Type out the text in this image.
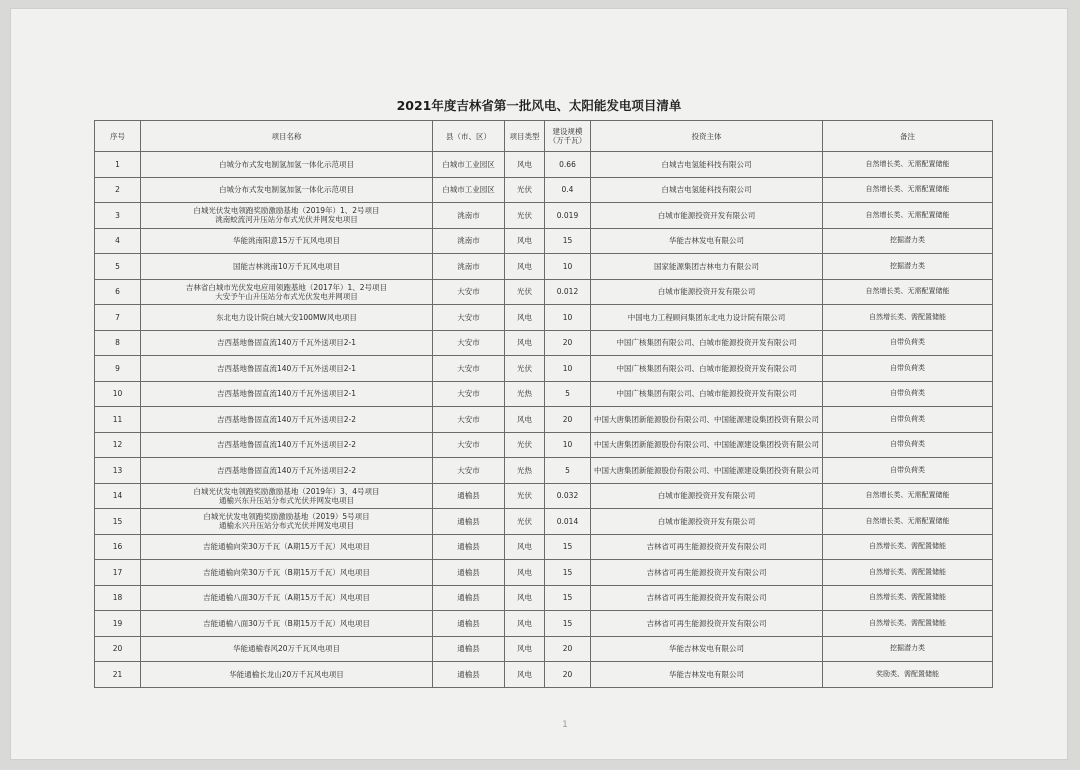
2021年度吉林省第一批风电、太阳能发电项目清单
序号	项目名称	县（市、区）	项目类型	建设规模
（万千瓦）	投资主体	备注
1	白城分布式发电制氢加氢一体化示范项目	白城市工业园区	风电	0.66	白城吉电氢能科技有限公司	自然增长类、无需配置储能
2	白城分布式发电制氢加氢一体化示范项目	白城市工业园区	光伏	0.4	白城吉电氢能科技有限公司	自然增长类、无需配置储能
3	白城光伏发电领跑奖励激励基地（2019年）1、2号项目
洮南蛟流河升压站分布式光伏并网发电项目	洮南市	光伏	0.019	白城市能源投资开发有限公司	自然增长类、无需配置储能
4	华能洮南阳意15万千瓦风电项目	洮南市	风电	15	华能吉林发电有限公司	挖掘潜力类
5	国能吉林洮南10万千瓦风电项目	洮南市	风电	10	国家能源集团吉林电力有限公司	挖掘潜力类
6	吉林省白城市光伏发电应用领跑基地（2017年）1、2号项目
大安予午山升压站分布式光伏发电并网项目	大安市	光伏	0.012	白城市能源投资开发有限公司	自然增长类、无需配置储能
7	东北电力设计院白城大安100MW风电项目	大安市	风电	10	中国电力工程顾问集团东北电力设计院有限公司	自然增长类、需配置储能
8	吉西基地鲁固直流140万千瓦外送项目2-1	大安市	风电	20	中国广核集团有限公司、白城市能源投资开发有限公司	自带负荷类
9	吉西基地鲁固直流140万千瓦外送项目2-1	大安市	光伏	10	中国广核集团有限公司、白城市能源投资开发有限公司	自带负荷类
10	吉西基地鲁固直流140万千瓦外送项目2-1	大安市	光热	5	中国广核集团有限公司、白城市能源投资开发有限公司	自带负荷类
11	吉西基地鲁固直流140万千瓦外送项目2-2	大安市	风电	20	中国大唐集团新能源股份有限公司、中国能源建设集团投资有限公司	自带负荷类
12	吉西基地鲁固直流140万千瓦外送项目2-2	大安市	光伏	10	中国大唐集团新能源股份有限公司、中国能源建设集团投资有限公司	自带负荷类
13	吉西基地鲁固直流140万千瓦外送项目2-2	大安市	光热	5	中国大唐集团新能源股份有限公司、中国能源建设集团投资有限公司	自带负荷类
14	白城光伏发电领跑奖励激励基地（2019年）3、4号项目
通榆兴东升压站分布式光伏并网发电项目	通榆县	光伏	0.032	白城市能源投资开发有限公司	自然增长类、无需配置储能
15	白城光伏发电领跑奖励激励基地（2019）5号项目
通榆永兴升压站分布式光伏并网发电项目	通榆县	光伏	0.014	白城市能源投资开发有限公司	自然增长类、无需配置储能
16	吉能通榆向荣30万千瓦（A期15万千瓦）风电项目	通榆县	风电	15	吉林省可再生能源投资开发有限公司	自然增长类、需配置储能
17	吉能通榆向荣30万千瓦（B期15万千瓦）风电项目	通榆县	风电	15	吉林省可再生能源投资开发有限公司	自然增长类、需配置储能
18	吉能通榆八面30万千瓦（A期15万千瓦）风电项目	通榆县	风电	15	吉林省可再生能源投资开发有限公司	自然增长类、需配置储能
19	吉能通榆八面30万千瓦（B期15万千瓦）风电项目	通榆县	风电	15	吉林省可再生能源投资开发有限公司	自然增长类、需配置储能
20	华能通榆春风20万千瓦风电项目	通榆县	风电	20	华能吉林发电有限公司	挖掘潜力类
21	华能通榆长龙山20万千瓦风电项目	通榆县	风电	20	华能吉林发电有限公司	奖励类、需配置储能
1
